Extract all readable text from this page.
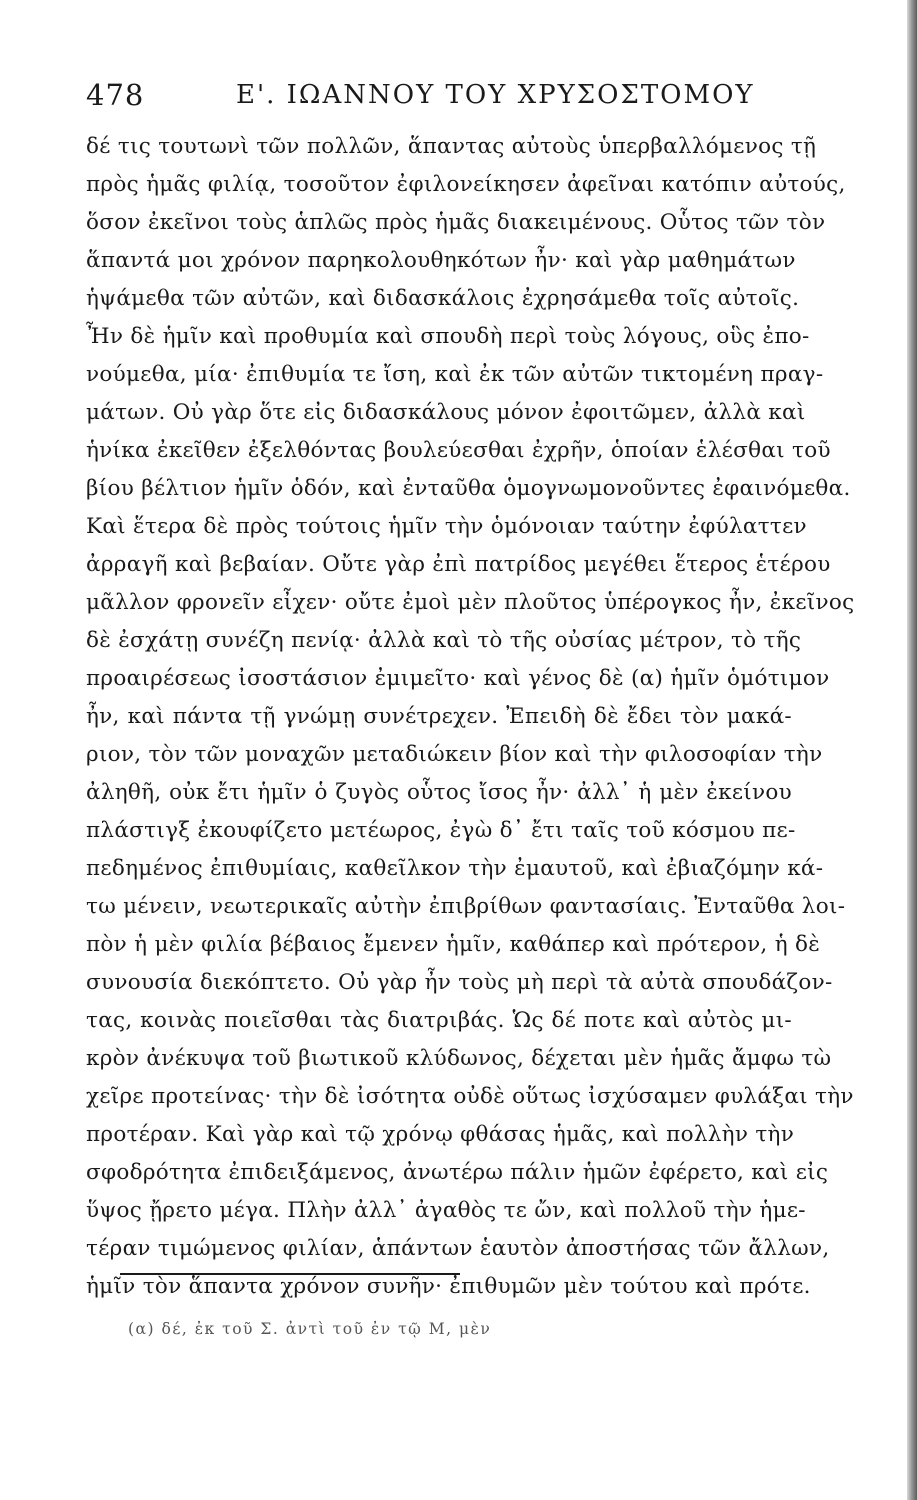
478	Ε'. ΙΩΑΝΝΟΥ ΤΟΥ ΧΡΥΣΟΣΤΟΜΟΥ
δέ τις τουτωνὶ τῶν πολλῶν, ἅπαντας αὐτοὺς ὑπερβαλλόμενος τῇ
πρὸς ἡμᾶς φιλίᾳ, τοσοῦτον ἐφιλονείκησεν ἀφεῖναι κατόπιν αὐτούς,
ὅσον ἐκεῖνοι τοὺς ἁπλῶς πρὸς ἡμᾶς διακειμένους. Οὗτος τῶν τὸν
ἅπαντά μοι χρόνον παρηκολουθηκότων ἦν· καὶ γὰρ μαθημάτων
ἡψάμεθα τῶν αὐτῶν, καὶ διδασκάλοις ἐχρησάμεθα τοῖς αὐτοῖς.
Ἦν δὲ ἡμῖν καὶ προθυμία καὶ σπουδὴ περὶ τοὺς λόγους, οὓς ἐπο-
νούμεθα, μία· ἐπιθυμία τε ἴση, καὶ ἐκ τῶν αὐτῶν τικτομένη πραγ-
μάτων. Οὐ γὰρ ὅτε εἰς διδασκάλους μόνον ἐφοιτῶμεν, ἀλλὰ καὶ
ἡνίκα ἐκεῖθεν ἐξελθόντας βουλεύεσθαι ἐχρῆν, ὁποίαν ἑλέσθαι τοῦ
βίου βέλτιον ἡμῖν ὁδόν, καὶ ἐνταῦθα ὁμογνωμονοῦντες ἐφαινόμεθα.
Καὶ ἕτερα δὲ πρὸς τούτοις ἡμῖν τὴν ὁμόνοιαν ταύτην ἐφύλαττεν
ἀρραγῆ καὶ βεβαίαν. Οὔτε γὰρ ἐπὶ πατρίδος μεγέθει ἕτερος ἑτέρου
μᾶλλον φρονεῖν εἶχεν· οὔτε ἐμοὶ μὲν πλοῦτος ὑπέρογκος ἦν, ἐκεῖνος
δὲ ἐσχάτῃ συνέζη πενίᾳ· ἀλλὰ καὶ τὸ τῆς οὐσίας μέτρον, τὸ τῆς
προαιρέσεως ἰσοστάσιον ἐμιμεῖτο· καὶ γένος δὲ (α) ἡμῖν ὁμότιμον
ἦν, καὶ πάντα τῇ γνώμῃ συνέτρεχεν. Ἐπειδὴ δὲ ἔδει τὸν μακά-
ριον, τὸν τῶν μοναχῶν μεταδιώκειν βίον καὶ τὴν φιλοσοφίαν τὴν
ἀληθῆ, οὐκ ἔτι ἡμῖν ὁ ζυγὸς οὗτος ἴσος ἦν· ἀλλ᾽ ἡ μὲν ἐκείνου
πλάστιγξ ἐκουφίζετο μετέωρος, ἐγὼ δ᾽ ἔτι ταῖς τοῦ κόσμου πε-
πεδημένος ἐπιθυμίαις, καθεῖλκον τὴν ἐμαυτοῦ, καὶ ἐβιαζόμην κά-
τω μένειν, νεωτερικαῖς αὐτὴν ἐπιβρίθων φαντασίαις. Ἐνταῦθα λοι-
πὸν ἡ μὲν φιλία βέβαιος ἔμενεν ἡμῖν, καθάπερ καὶ πρότερον, ἡ δὲ
συνουσία διεκόπτετο. Οὐ γὰρ ἦν τοὺς μὴ περὶ τὰ αὐτὰ σπουδάζον-
τας, κοινὰς ποιεῖσθαι τὰς διατριβάς. Ὡς δέ ποτε καὶ αὐτὸς μι-
κρὸν ἀνέκυψα τοῦ βιωτικοῦ κλύδωνος, δέχεται μὲν ἡμᾶς ἄμφω τὼ
χεῖρε προτείνας· τὴν δὲ ἰσότητα οὐδὲ οὕτως ἰσχύσαμεν φυλάξαι τὴν
προτέραν. Καὶ γὰρ καὶ τῷ χρόνῳ φθάσας ἡμᾶς, καὶ πολλὴν τὴν
σφοδρότητα ἐπιδειξάμενος, ἀνωτέρω πάλιν ἡμῶν ἐφέρετο, καὶ εἰς
ὕψος ᾔρετο μέγα. Πλὴν ἀλλ᾽ ἀγαθὸς τε ὤν, καὶ πολλοῦ τὴν ἡμε-
τέραν τιμώμενος φιλίαν, ἁπάντων ἑαυτὸν ἀποστήσας τῶν ἄλλων,
ἡμῖν τὸν ἅπαντα χρόνον συνῆν· ἐπιθυμῶν μὲν τούτου καὶ πρότε.
(α) δέ, ἐκ τοῦ Σ. ἀντὶ τοῦ ἐν τῷ Μ, μὲν
